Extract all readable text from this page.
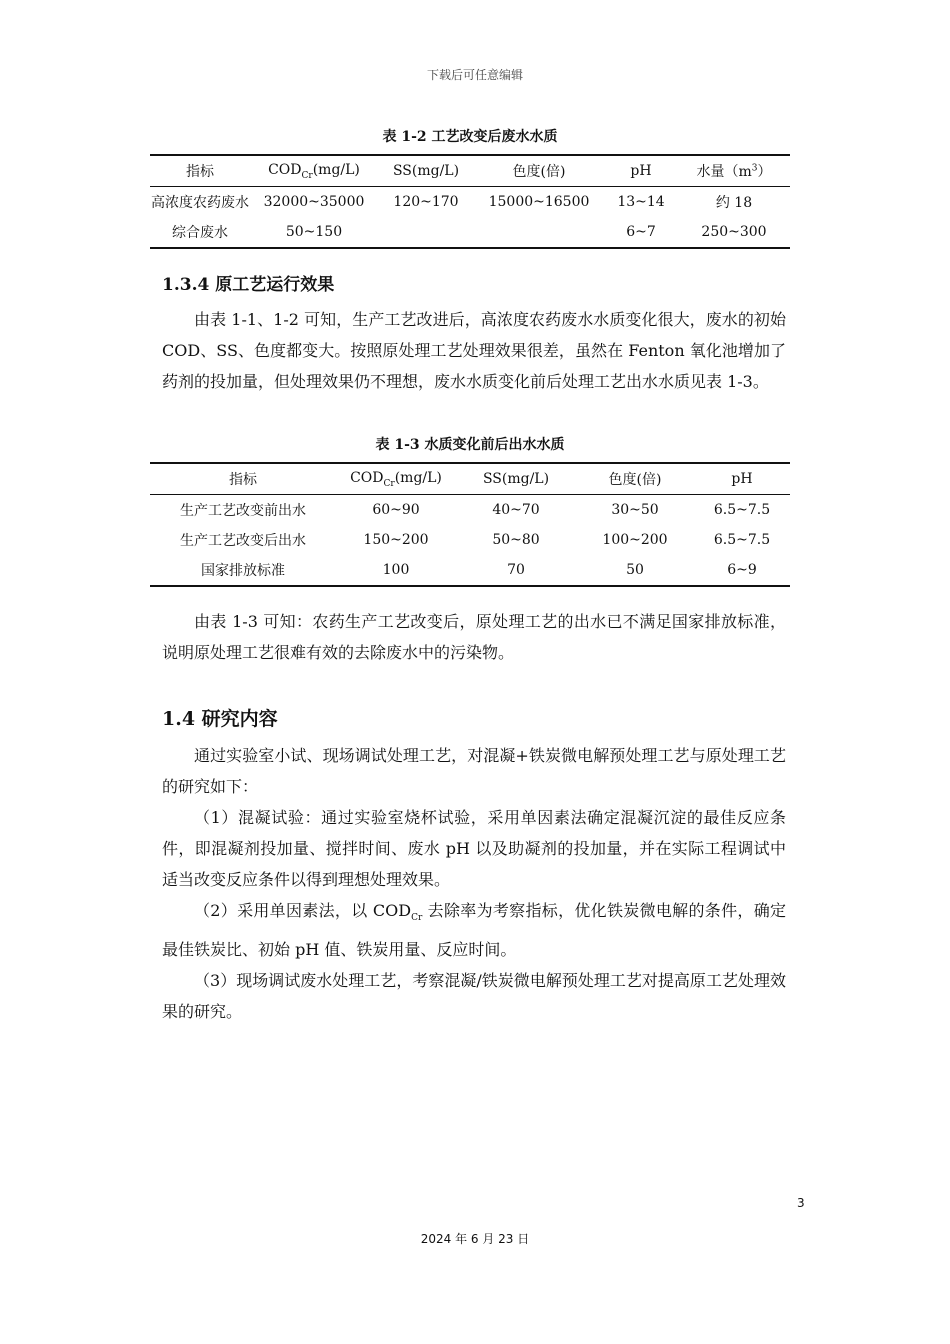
下载后可任意编辑
表 1-2 工艺改变后废水水质
指标	$COD_{Cr}(mg/L)$	SS(mg/L)	色度(倍)	pH	水量$(m^3)$
高浓度农药废水	32000~35000	120~170	15000~16500	13~14	约 18
综合废水	50~150			6~7	250~300
1.3.4 原工艺运行效果

由表 1-1、1-2 可知，生产工艺改进后，高浓度农药废水水质变化很大，废水的初始 COD、SS、色度都变大。按照原处理工艺处理效果很差，虽然在 Fenton 氧化池增加了药剂的投加量，但处理效果仍不理想，废水水质变化前后处理工艺出水水质见表 1-3。

表 1-3 水质变化前后出水水质
指标	$COD_{Cr}(mg/L)$	SS(mg/L)	色度(倍)	pH
生产工艺改变前出水	60~90	40~70	30~50	6.5~7.5
生产工艺改变后出水	150~200	50~80	100~200	6.5~7.5
国家排放标准	100	70	50	6~9

由表 1-3 可知：农药生产工艺改变后，原处理工艺的出水已不满足国家排放标准，说明原处理工艺很难有效的去除废水中的污染物。

1.4 研究内容

通过实验室小试、现场调试处理工艺，对混凝+铁炭微电解预处理工艺与原处理工艺的研究如下：

（1）混凝试验：通过实验室烧杯试验，采用单因素法确定混凝沉淀的最佳反应条件，即混凝剂投加量、搅拌时间、废水 pH 以及助凝剂的投加量，并在实际工程调试中适当改变反应条件以得到理想处理效果。

（2）采用单因素法，以 $COD_{Cr}$ 去除率为考察指标，优化铁炭微电解的条件，确定最佳铁炭比、初始 pH 值、铁炭用量、反应时间。

（3）现场调试废水处理工艺，考察混凝/铁炭微电解预处理工艺对提高原工艺处理效果的研究。

3
2024 年 6 月 23 日
